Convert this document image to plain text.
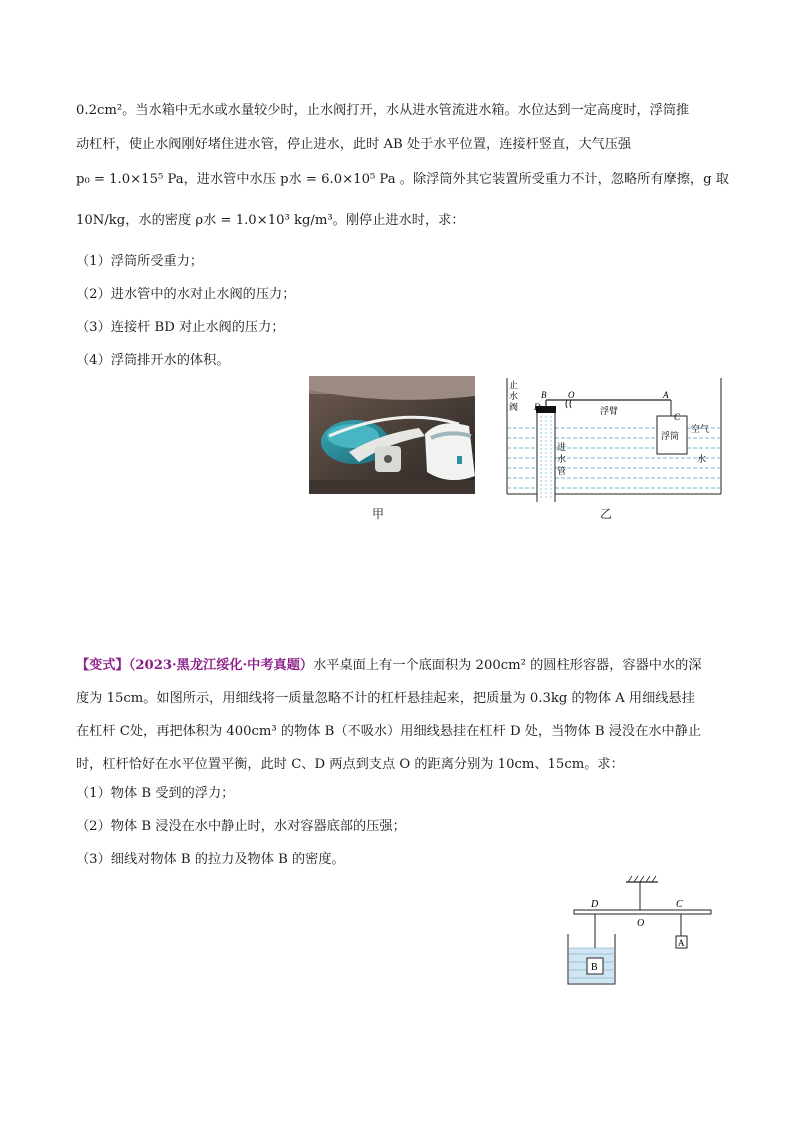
0.2cm²。当水箱中无水或水量较少时，止水阀打开，水从进水管流进水箱。水位达到一定高度时，浮筒推
动杠杆，使止水阀刚好堵住进水管，停止进水，此时 AB 处于水平位置，连接杆竖直，大气压强
p₀ = 1.0×15⁵ Pa，进水管中水压 p水 = 6.0×10⁵ Pa 。除浮筒外其它装置所受重力不计，忽略所有摩擦，g 取
10N/kg，水的密度 ρ水 = 1.0×10³ kg/m³。刚停止进水时，求：
（1）浮筒所受重力；
（2）进水管中的水对止水阀的压力；
（3）连接杆 BD 对止水阀的压力；
（4）浮筒排开水的体积。
甲
止
水
阀
B
D
O	A
C
浮臂
浮筒
空气
水
进
水
管
乙
【变式】（2023·黑龙江绥化·中考真题）水平桌面上有一个底面积为 200cm² 的圆柱形容器，容器中水的深
度为 15cm。如图所示，用细线将一质量忽略不计的杠杆悬挂起来，把质量为 0.3kg 的物体 A 用细线悬挂
在杠杆 C处，再把体积为 400cm³ 的物体 B（不吸水）用细线悬挂在杠杆 D 处，当物体 B 浸没在水中静止
时，杠杆恰好在水平位置平衡，此时 C、D 两点到支点 O 的距离分别为 10cm、15cm。求：
（1）物体 B 受到的浮力；
（2）物体 B 浸没在水中静止时，水对容器底部的压强；
（3）细线对物体 B 的拉力及物体 B 的密度。
D
O
C
A
B
